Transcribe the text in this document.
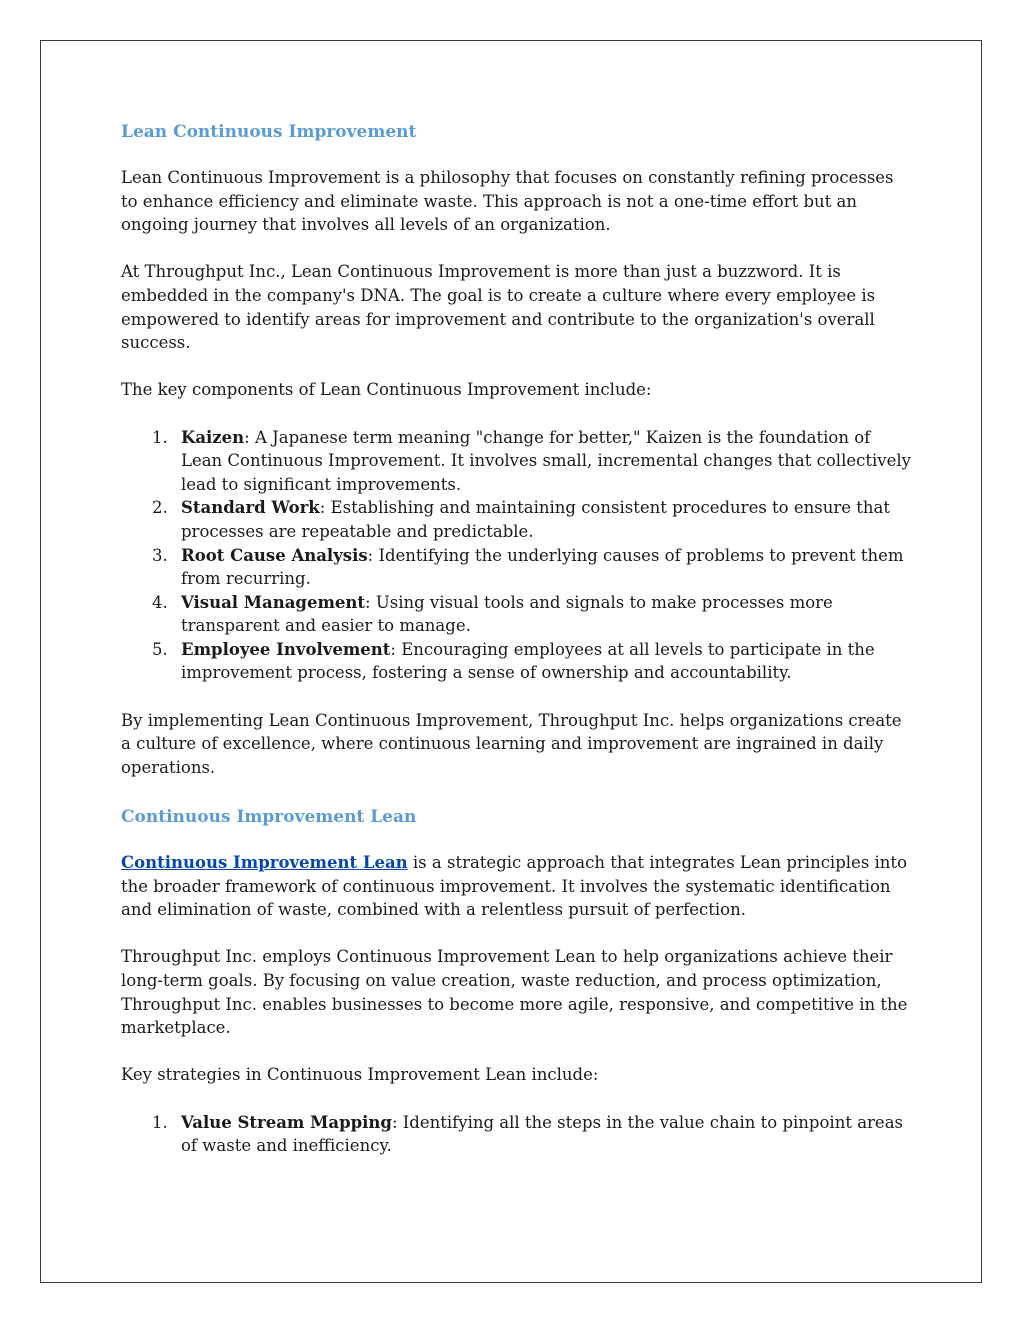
Lean Continuous Improvement

Lean Continuous Improvement is a philosophy that focuses on constantly refining processes to enhance efficiency and eliminate waste. This approach is not a one-time effort but an ongoing journey that involves all levels of an organization.

At Throughput Inc., Lean Continuous Improvement is more than just a buzzword. It is embedded in the company's DNA. The goal is to create a culture where every employee is empowered to identify areas for improvement and contribute to the organization's overall success.

The key components of Lean Continuous Improvement include:

1. Kaizen: A Japanese term meaning "change for better," Kaizen is the foundation of Lean Continuous Improvement. It involves small, incremental changes that collectively lead to significant improvements.
2. Standard Work: Establishing and maintaining consistent procedures to ensure that processes are repeatable and predictable.
3. Root Cause Analysis: Identifying the underlying causes of problems to prevent them from recurring.
4. Visual Management: Using visual tools and signals to make processes more transparent and easier to manage.
5. Employee Involvement: Encouraging employees at all levels to participate in the improvement process, fostering a sense of ownership and accountability.

By implementing Lean Continuous Improvement, Throughput Inc. helps organizations create a culture of excellence, where continuous learning and improvement are ingrained in daily operations.

Continuous Improvement Lean

Continuous Improvement Lean is a strategic approach that integrates Lean principles into the broader framework of continuous improvement. It involves the systematic identification and elimination of waste, combined with a relentless pursuit of perfection.

Throughput Inc. employs Continuous Improvement Lean to help organizations achieve their long-term goals. By focusing on value creation, waste reduction, and process optimization, Throughput Inc. enables businesses to become more agile, responsive, and competitive in the marketplace.

Key strategies in Continuous Improvement Lean include:

1. Value Stream Mapping: Identifying all the steps in the value chain to pinpoint areas of waste and inefficiency.
